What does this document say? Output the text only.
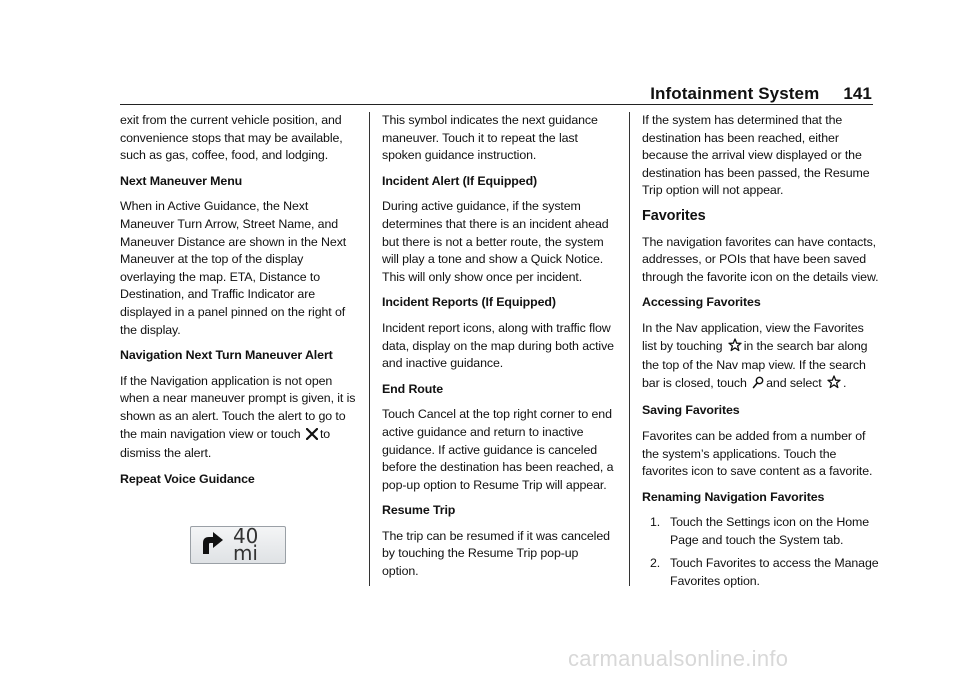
Infotainment System 141

exit from the current vehicle position, and convenience stops that may be available, such as gas, coffee, food, and lodging.

Next Maneuver Menu

When in Active Guidance, the Next Maneuver Turn Arrow, Street Name, and Maneuver Distance are shown in the Next Maneuver at the top of the display overlaying the map. ETA, Distance to Destination, and Traffic Indicator are displayed in a panel pinned on the right of the display.

Navigation Next Turn Maneuver Alert

If the Navigation application is not open when a near maneuver prompt is given, it is shown as an alert. Touch the alert to go to the main navigation view or touch to dismiss the alert.

Repeat Voice Guidance

40 mi

This symbol indicates the next guidance maneuver. Touch it to repeat the last spoken guidance instruction.

Incident Alert (If Equipped)

During active guidance, if the system determines that there is an incident ahead but there is not a better route, the system will play a tone and show a Quick Notice. This will only show once per incident.

Incident Reports (If Equipped)

Incident report icons, along with traffic flow data, display on the map during both active and inactive guidance.

End Route

Touch Cancel at the top right corner to end active guidance and return to inactive guidance. If active guidance is canceled before the destination has been reached, a pop-up option to Resume Trip will appear.

Resume Trip

The trip can be resumed if it was canceled by touching the Resume Trip pop-up option.

If the system has determined that the destination has been reached, either because the arrival view displayed or the destination has been passed, the Resume Trip option will not appear.

Favorites

The navigation favorites can have contacts, addresses, or POIs that have been saved through the favorite icon on the details view.

Accessing Favorites

In the Nav application, view the Favorites list by touching in the search bar along the top of the Nav map view. If the search bar is closed, touch and select .

Saving Favorites

Favorites can be added from a number of the system’s applications. Touch the favorites icon to save content as a favorite.

Renaming Navigation Favorites

1. Touch the Settings icon on the Home Page and touch the System tab.
2. Touch Favorites to access the Manage Favorites option.
carmanualsonline.info
